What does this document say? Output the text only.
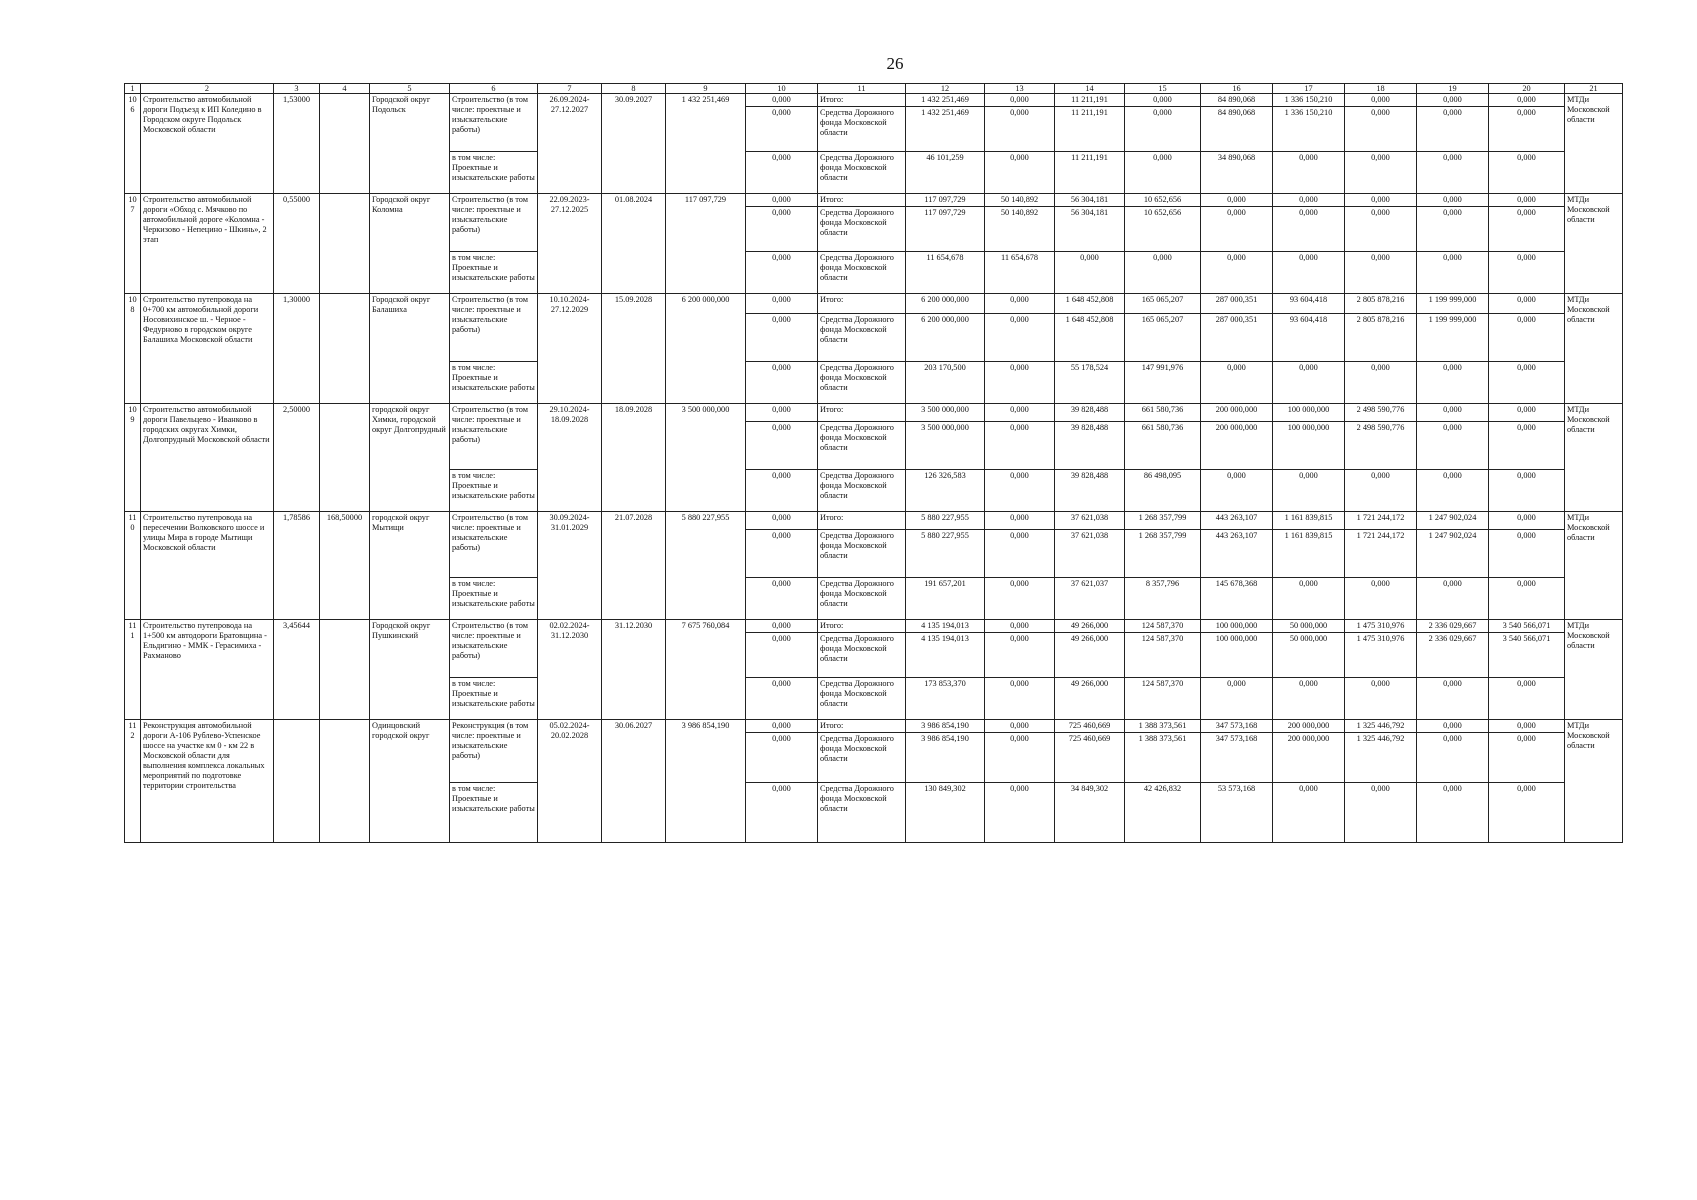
26
1	2	3	4	5	6	7	8	9	10	11	12	13	14	15	16	17	18	19	20	21
106	Строительство автомобильной дороги Подъезд к ИП Коледино в Городском округе Подольск Московской области	1,53000		Городской округ Подольск	Строительство (в том числе: проектные и изыскательские работы)	26.09.2024-27.12.2027	30.09.2027	1 432 251,469	0,000	Итого:	1 432 251,469	0,000	11 211,191	0,000	84 890,068	1 336 150,210	0,000	0,000	0,000	МТДи Московской области
									0,000	Средства Дорожного фонда Московской области	1 432 251,469	0,000	11 211,191	0,000	84 890,068	1 336 150,210	0,000	0,000	0,000	
					в том числе: Проектные и изыскательские работы				0,000	Средства Дорожного фонда Московской области	46 101,259	0,000	11 211,191	0,000	34 890,068	0,000	0,000	0,000	0,000	
107	Строительство автомобильной дороги «Обход с. Мячково по автомобильной дороге «Коломна - Черкизово - Непецино - Шкинь», 2 этап	0,55000		Городской округ Коломна	Строительство (в том числе: проектные и изыскательские работы)	22.09.2023-27.12.2025	01.08.2024	117 097,729	0,000	Итого:	117 097,729	50 140,892	56 304,181	10 652,656	0,000	0,000	0,000	0,000	0,000	МТДи Московской области
									0,000	Средства Дорожного фонда Московской области	117 097,729	50 140,892	56 304,181	10 652,656	0,000	0,000	0,000	0,000	0,000	
					в том числе: Проектные и изыскательские работы				0,000	Средства Дорожного фонда Московской области	11 654,678	11 654,678	0,000	0,000	0,000	0,000	0,000	0,000	0,000	
108	Строительство путепровода на 0+700 км автомобильной дороги Носовихинское ш. - Черное - Федурново в городском округе Балашиха Московской области	1,30000		Городской округ Балашиха	Строительство (в том числе: проектные и изыскательские работы)	10.10.2024-27.12.2029	15.09.2028	6 200 000,000	0,000	Итого:	6 200 000,000	0,000	1 648 452,808	165 065,207	287 000,351	93 604,418	2 805 878,216	1 199 999,000	0,000	МТДи Московской области
									0,000	Средства Дорожного фонда Московской области	6 200 000,000	0,000	1 648 452,808	165 065,207	287 000,351	93 604,418	2 805 878,216	1 199 999,000	0,000	
					в том числе: Проектные и изыскательские работы				0,000	Средства Дорожного фонда Московской области	203 170,500	0,000	55 178,524	147 991,976	0,000	0,000	0,000	0,000	0,000	
109	Строительство автомобильной дороги Павельцево - Иванково в городских округах Химки, Долгопрудный Московской области	2,50000		городской округ Химки, городской округ Долгопрудный	Строительство (в том числе: проектные и изыскательские работы)	29.10.2024-18.09.2028	18.09.2028	3 500 000,000	0,000	Итого:	3 500 000,000	0,000	39 828,488	661 580,736	200 000,000	100 000,000	2 498 590,776	0,000	0,000	МТДи Московской области
									0,000	Средства Дорожного фонда Московской области	3 500 000,000	0,000	39 828,488	661 580,736	200 000,000	100 000,000	2 498 590,776	0,000	0,000	
					в том числе: Проектные и изыскательские работы				0,000	Средства Дорожного фонда Московской области	126 326,583	0,000	39 828,488	86 498,095	0,000	0,000	0,000	0,000	0,000	
110	Строительство путепровода на пересечении Волковского шоссе и улицы Мира в городе Мытищи Московской области	1,78586	168,50000	городской округ Мытищи	Строительство (в том числе: проектные и изыскательские работы)	30.09.2024-31.01.2029	21.07.2028	5 880 227,955	0,000	Итого:	5 880 227,955	0,000	37 621,038	1 268 357,799	443 263,107	1 161 839,815	1 721 244,172	1 247 902,024	0,000	МТДи Московской области
									0,000	Средства Дорожного фонда Московской области	5 880 227,955	0,000	37 621,038	1 268 357,799	443 263,107	1 161 839,815	1 721 244,172	1 247 902,024	0,000	
					в том числе: Проектные и изыскательские работы				0,000	Средства Дорожного фонда Московской области	191 657,201	0,000	37 621,037	8 357,796	145 678,368	0,000	0,000	0,000	0,000	
111	Строительство путепровода на 1+500 км автодороги Братовщина - Ельдигино - ММК - Герасимиха - Рахманово	3,45644		Городской округ Пушкинский	Строительство (в том числе: проектные и изыскательские работы)	02.02.2024-31.12.2030	31.12.2030	7 675 760,084	0,000	Итого:	4 135 194,013	0,000	49 266,000	124 587,370	100 000,000	50 000,000	1 475 310,976	2 336 029,667	3 540 566,071	МТДи Московской области
									0,000	Средства Дорожного фонда Московской области	4 135 194,013	0,000	49 266,000	124 587,370	100 000,000	50 000,000	1 475 310,976	2 336 029,667	3 540 566,071	
					в том числе: Проектные и изыскательские работы				0,000	Средства Дорожного фонда Московской области	173 853,370	0,000	49 266,000	124 587,370	0,000	0,000	0,000	0,000	0,000	
112	Реконструкция автомобильной дороги А-106 Рублево-Успенское шоссе на участке км 0 - км 22 в Московской области для выполнения комплекса локальных мероприятий по подготовке территории строительства			Одинцовский городской округ	Реконструкция (в том числе: проектные и изыскательские работы)	05.02.2024-20.02.2028	30.06.2027	3 986 854,190	0,000	Итого:	3 986 854,190	0,000	725 460,669	1 388 373,561	347 573,168	200 000,000	1 325 446,792	0,000	0,000	МТДи Московской области
									0,000	Средства Дорожного фонда Московской области	3 986 854,190	0,000	725 460,669	1 388 373,561	347 573,168	200 000,000	1 325 446,792	0,000	0,000	
					в том числе: Проектные и изыскательские работы				0,000	Средства Дорожного фонда Московской области	130 849,302	0,000	34 849,302	42 426,832	53 573,168	0,000	0,000	0,000	0,000	
